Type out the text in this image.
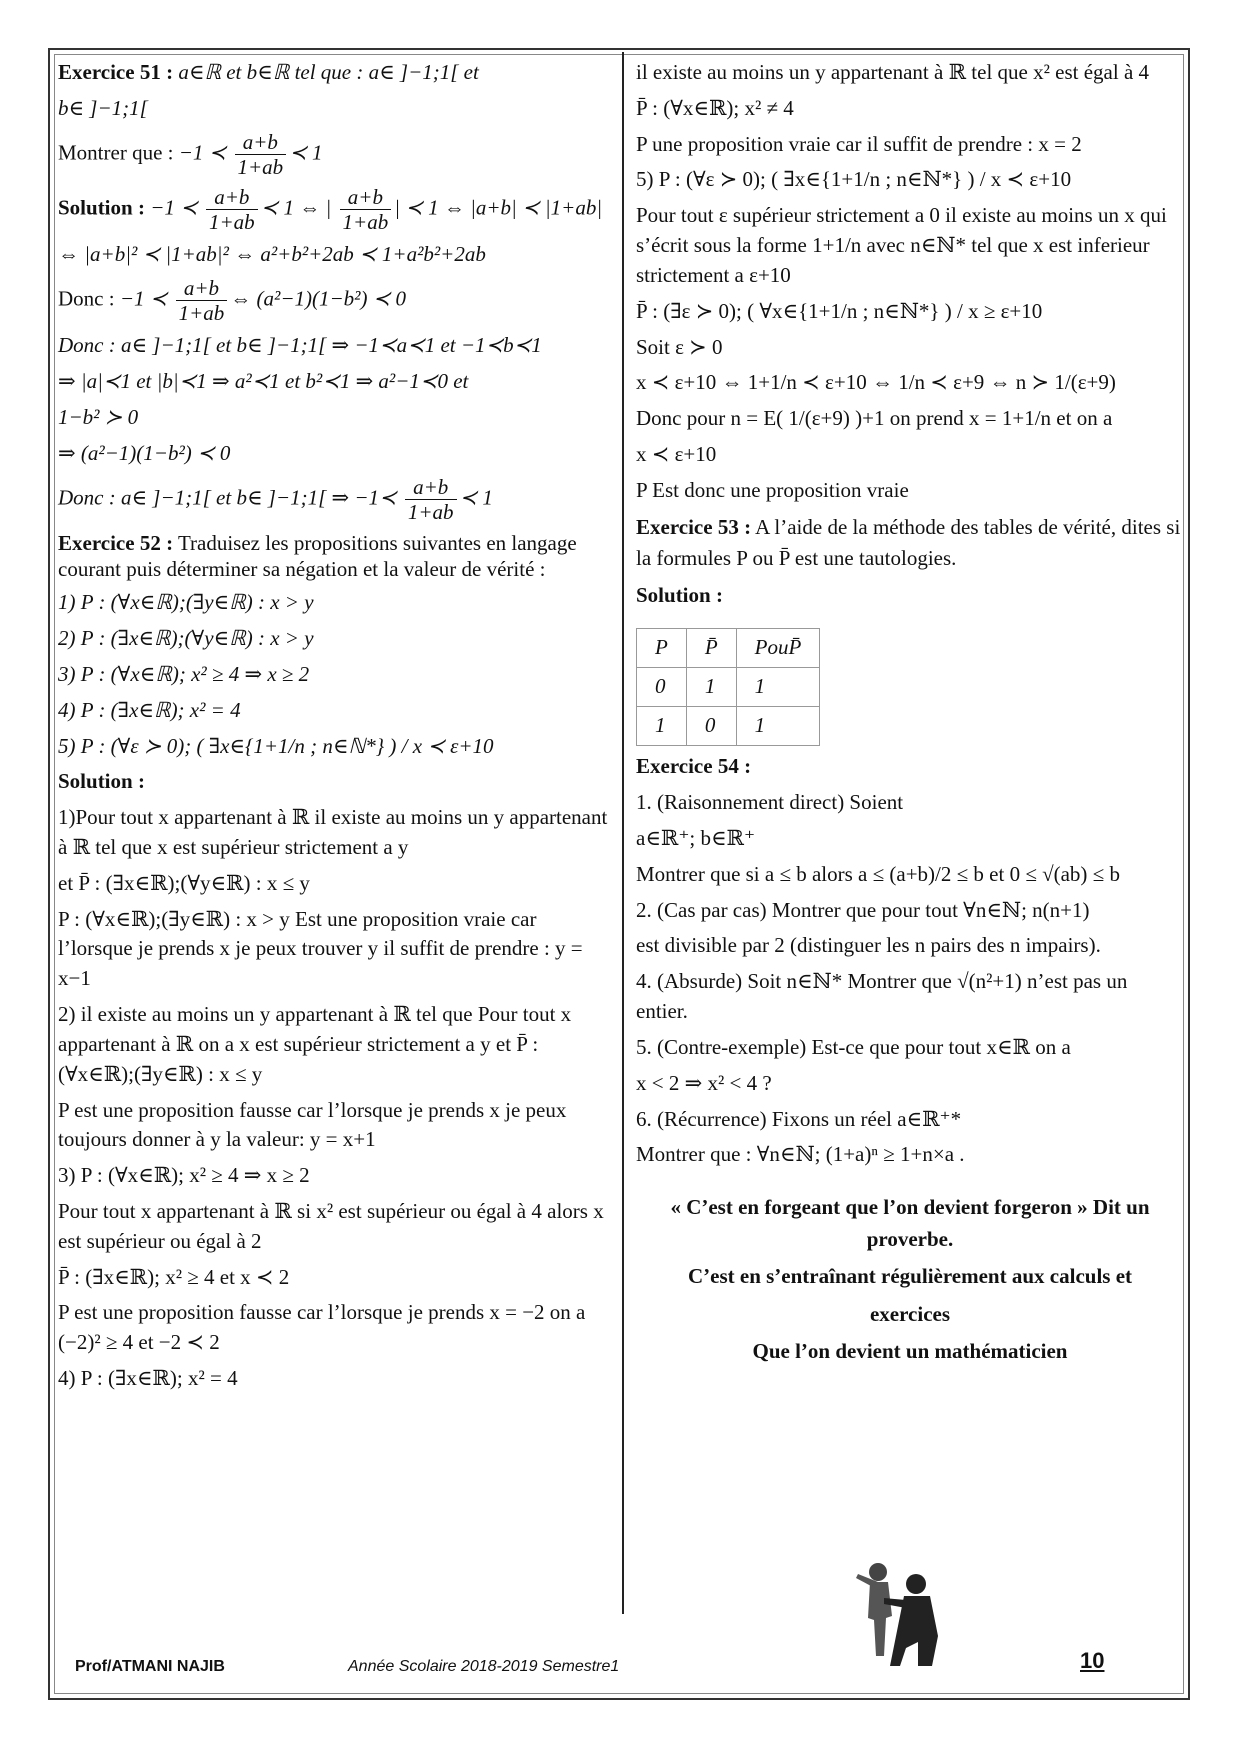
Exercice 51 : a∈ℝ et b∈ℝ tel que : a∈ ]−1;1[ et

b∈ ]−1;1[

Montrer que : −1 ≺ $\frac{a+b}{1+ab}$ ≺ 1

Solution : −1 ≺ $\frac{a+b}{1+ab}$ ≺ 1 ⇔ | $\frac{a+b}{1+ab}$ | ≺ 1 ⇔ |a+b| ≺ |1+ab|

⇔ |a+b|² ≺ |1+ab|² ⇔ a²+b²+2ab ≺ 1+a²b²+2ab

Donc : −1 ≺ $\frac{a+b}{1+ab}$ ⇔ (a²−1)(1−b²) ≺ 0

Donc : a∈ ]−1;1[ et b∈ ]−1;1[ ⇒ −1≺a≺1 et −1≺b≺1

⇒ |a|≺1 et |b|≺1 ⇒ a²≺1 et b²≺1 ⇒ a²−1≺0 et

1−b² ≻ 0

⇒ (a²−1)(1−b²) ≺ 0

Donc : a∈ ]−1;1[ et b∈ ]−1;1[ ⇒ −1≺ $\frac{a+b}{1+ab}$ ≺ 1

Exercice 52 : Traduisez les propositions suivantes en langage courant puis déterminer sa négation et la valeur de vérité :

1) P : (∀x∈ℝ);(∃y∈ℝ) : x > y

2) P : (∃x∈ℝ);(∀y∈ℝ) : x > y

3) P : (∀x∈ℝ); x² ≥ 4 ⇒ x ≥ 2

4) P : (∃x∈ℝ); x² = 4

5) P : (∀ε ≻ 0); ( ∃x∈{1+1/n ; n∈ℕ*} ) / x ≺ ε+10

Solution :

1)Pour tout x appartenant à ℝ il existe au moins un y appartenant à ℝ tel que x est supérieur strictement a y

et P̄ : (∃x∈ℝ);(∀y∈ℝ) : x ≤ y

P : (∀x∈ℝ);(∃y∈ℝ) : x > y Est une proposition vraie car l’lorsque je prends x je peux trouver y il suffit de prendre : y = x−1

2) il existe au moins un y appartenant à ℝ tel que Pour tout x appartenant à ℝ on a x est supérieur strictement a y et P̄ : (∀x∈ℝ);(∃y∈ℝ) : x ≤ y

P est une proposition fausse car l’lorsque je prends x je peux toujours donner à y la valeur: y = x+1

3) P : (∀x∈ℝ); x² ≥ 4 ⇒ x ≥ 2

Pour tout x appartenant à ℝ si x² est supérieur ou égal à 4 alors x est supérieur ou égal à 2

P̄ : (∃x∈ℝ); x² ≥ 4 et x ≺ 2

P est une proposition fausse car l’lorsque je prends x = −2 on a (−2)² ≥ 4 et −2 ≺ 2

4) P : (∃x∈ℝ); x² = 4

il existe au moins un y appartenant à ℝ tel que x² est égal à 4

P̄ : (∀x∈ℝ); x² ≠ 4

P une proposition vraie car il suffit de prendre : x = 2

5) P : (∀ε ≻ 0); ( ∃x∈{1+1/n ; n∈ℕ*} ) / x ≺ ε+10

Pour tout ε supérieur strictement a 0 il existe au moins un x qui s’écrit sous la forme 1+1/n avec n∈ℕ* tel que x est inferieur strictement a ε+10

P̄ : (∃ε ≻ 0); ( ∀x∈{1+1/n ; n∈ℕ*} ) / x ≥ ε+10

Soit ε ≻ 0

x ≺ ε+10 ⇔ 1+1/n ≺ ε+10 ⇔ 1/n ≺ ε+9 ⇔ n ≻ 1/(ε+9)

Donc pour n = E( 1/(ε+9) )+1 on prend x = 1+1/n et on a

x ≺ ε+10

P Est donc une proposition vraie

Exercice 53 : A l’aide de la méthode des tables de vérité, dites si la formules P ou P̄ est une tautologies.

Solution :

P	P̄	PouP̄
0	1	1
1	0	1

Exercice 54 :

1. (Raisonnement direct) Soient

a∈ℝ⁺; b∈ℝ⁺

Montrer que si a ≤ b alors a ≤ (a+b)/2 ≤ b et 0 ≤ √(ab) ≤ b

2. (Cas par cas) Montrer que pour tout ∀n∈ℕ; n(n+1)

est divisible par 2 (distinguer les n pairs des n impairs).

4. (Absurde) Soit n∈ℕ* Montrer que √(n²+1) n’est pas un entier.

5. (Contre-exemple) Est-ce que pour tout x∈ℝ on a

x < 2 ⇒ x² < 4 ?

6. (Récurrence) Fixons un réel a∈ℝ⁺*

Montrer que : ∀n∈ℕ; (1+a)ⁿ ≥ 1+n×a .

« C’est en forgeant que l’on devient forgeron » Dit un proverbe.

C’est en s’entraînant régulièrement aux calculs et

exercices

Que l’on devient un mathématicien

Prof/ATMANI NAJIB	Année Scolaire 2018-2019 Semestre1	10
